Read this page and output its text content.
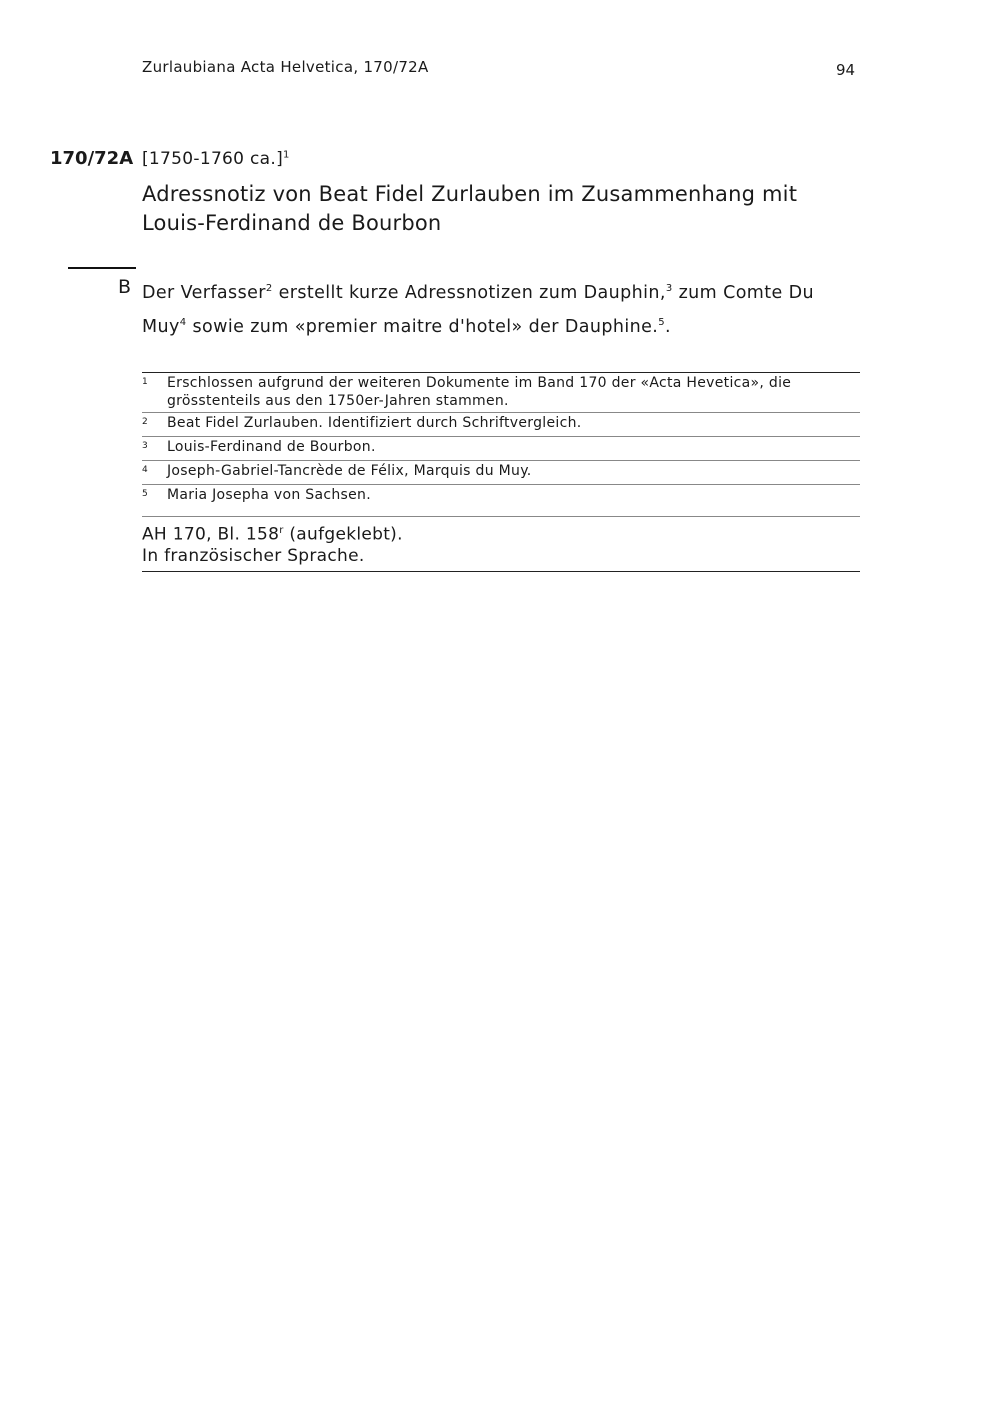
Zurlaubiana Acta Helvetica, 170/72A	94
170/72A [1750-1760 ca.]$^1$
Adressnotiz von Beat Fidel Zurlauben im Zusammenhang mit Louis-Ferdinand de Bourbon
B Der Verfasser$^2$ erstellt kurze Adressnotizen zum Dauphin,$^3$ zum Comte Du Muy$^4$ sowie zum «premier maitre d'hotel» der Dauphine.$^5$.

1 Erschlossen aufgrund der weiteren Dokumente im Band 170 der «Acta Hevetica», die grösstenteils aus den 1750er-Jahren stammen.
2 Beat Fidel Zurlauben. Identifiziert durch Schriftvergleich.
3 Louis-Ferdinand de Bourbon.
4 Joseph-Gabriel-Tancrède de Félix, Marquis du Muy.
5 Maria Josepha von Sachsen.
AH 170, Bl. 158$^r$ (aufgeklebt).
In französischer Sprache.
